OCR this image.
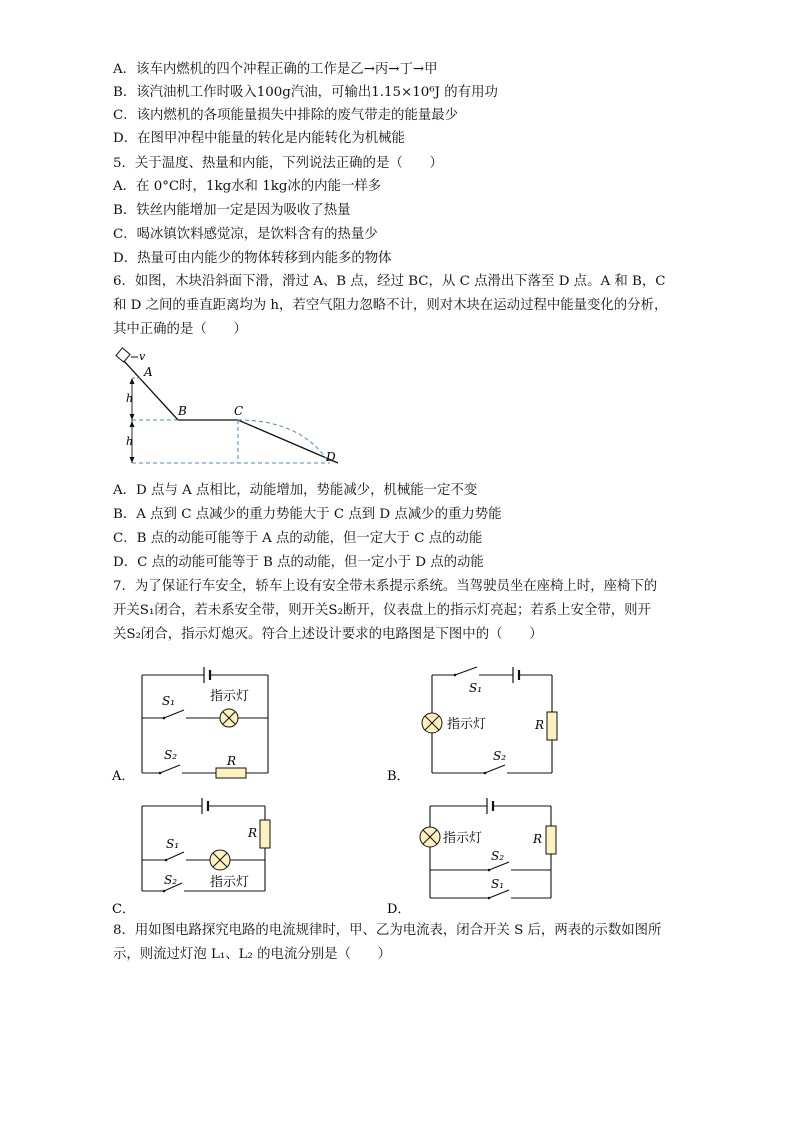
A．该车内燃机的四个冲程正确的工作是乙→丙→丁→甲
B．该汽油机工作时吸入100g汽油，可输出1.15×10⁶J 的有用功
C．该内燃机的各项能量损失中排除的废气带走的能量最少
D．在图甲冲程中能量的转化是内能转化为机械能
5．关于温度、热量和内能，下列说法正确的是（　　）
A．在 0°C时，1kg水和 1kg冰的内能一样多
B．铁丝内能增加一定是因为吸收了热量
C．喝冰镇饮料感觉凉，是饮料含有的热量少
D．热量可由内能少的物体转移到内能多的物体
6．如图，木块沿斜面下滑，滑过 A、B 点，经过 BC，从 C 点滑出下落至 D 点。A 和 B，C
和 D 之间的垂直距离均为 h，若空气阻力忽略不计，则对木块在运动过程中能量变化的分析，
其中正确的是（　　）
v
h
h
A
B	C
D
A．D 点与 A 点相比，动能增加，势能减少，机械能一定不变
B．A 点到 C 点减少的重力势能大于 C 点到 D 点减少的重力势能
C．B 点的动能可能等于 A 点的动能，但一定大于 C 点的动能
D．C 点的动能可能等于 B 点的动能，但一定小于 D 点的动能
7．为了保证行车安全，轿车上设有安全带未系提示系统。当驾驶员坐在座椅上时，座椅下的
开关S₁闭合，若未系安全带，则开关S₂断开，仪表盘上的指示灯亮起；若系上安全带，则开
关S₂闭合，指示灯熄灭。符合上述设计要求的电路图是下图中的（　　）
A．
S₁	指示灯
S₂	R
B．
S₁
指示灯	R
S₂
C．
R
S₁
指示灯
S₂
D．
指示灯	R
S₂
S₁
8．用如图电路探究电路的电流规律时，甲、乙为电流表，闭合开关 S 后，两表的示数如图所
示，则流过灯泡 L₁、L₂ 的电流分别是（　　）
